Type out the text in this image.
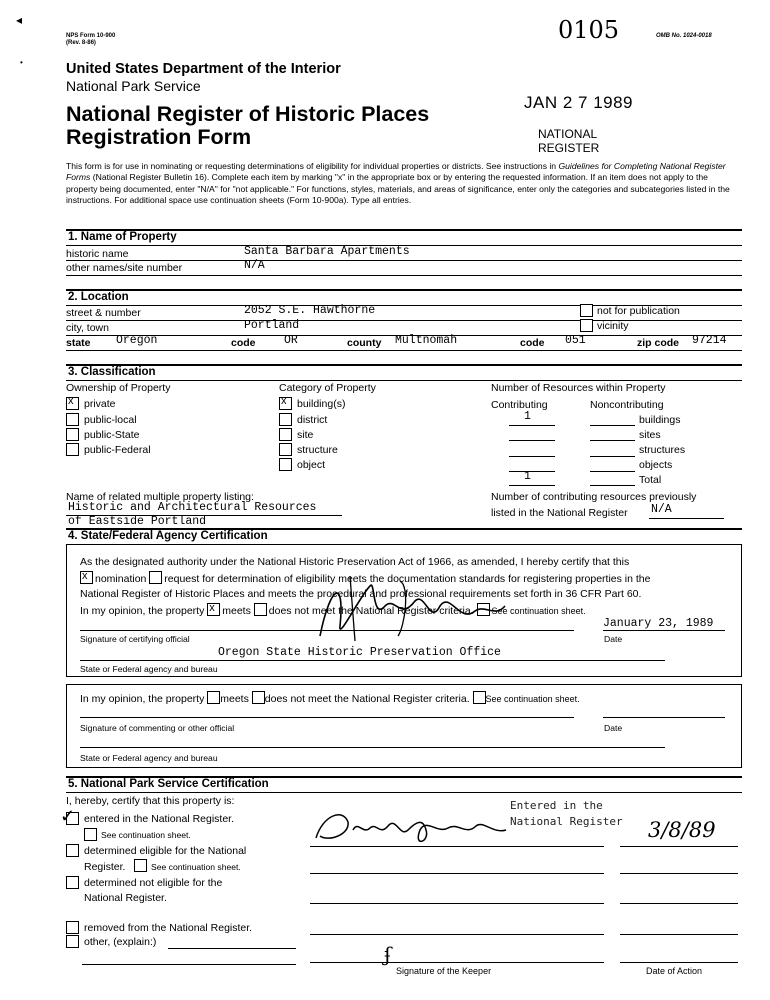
NPS Form 10-900
(Rev. 8-86)
OMB No. 1024-0018
0105
◂
•	United States Department of the Interior
National Park Service
National Register of Historic Places
Registration Form
JAN 2 7 1989
NATIONAL
REGISTER
This form is for use in nominating or requesting determinations of eligibility for individual properties or districts. See instructions in Guidelines for Completing National Register Forms (National Register Bulletin 16). Complete each item by marking "x" in the appropriate box or by entering the requested information. If an item does not apply to the property being documented, enter "N/A" for "not applicable." For functions, styles, materials, and areas of significance, enter only the categories and subcategories listed in the instructions. For additional space use continuation sheets (Form 10-900a). Type all entries.
1. Name of Property
historic name	Santa Barbara Apartments
other names/site number	N/A
2. Location
street & number	2052 S.E. Hawthorne	not for publication
city, town	Portland	vicinity
state Oregon	code OR	county Multnomah	code 051	zip code 97214
3. Classification
Ownership of Property
x private
public-local
public-State
public-Federal
Category of Property
x building(s)
district
site
structure
object
Number of Resources within Property
Contributing	Noncontributing
1	buildings
sites
structures
objects
1	Total
Name of related multiple property listing:
Historic and Architectural Resources
of Eastside Portland
Number of contributing resources previously
listed in the National Register N/A
4. State/Federal Agency Certification
As the designated authority under the National Historic Preservation Act of 1966, as amended, I hereby certify that this
x nomination request for determination of eligibility meets the documentation standards for registering properties in the
National Register of Historic Places and meets the procedural and professional requirements set forth in 36 CFR Part 60.
In my opinion, the property x meets does not meet the National Register criteria. See continuation sheet.
January 23, 1989
Signature of certifying official	Date
Oregon State Historic Preservation Office
State or Federal agency and bureau
In my opinion, the property meets does not meet the National Register criteria. See continuation sheet.
Signature of commenting or other official	Date
State or Federal agency and bureau
5. National Park Service Certification
I, hereby, certify that this property is:
✓ entered in the National Register.
See continuation sheet.
determined eligible for the National
Register.	See continuation sheet.
determined not eligible for the
National Register.
removed from the National Register.
other, (explain:)
Entered in the
National Register 3/8/89
ʄ
Signature of the Keeper	Date of Action
